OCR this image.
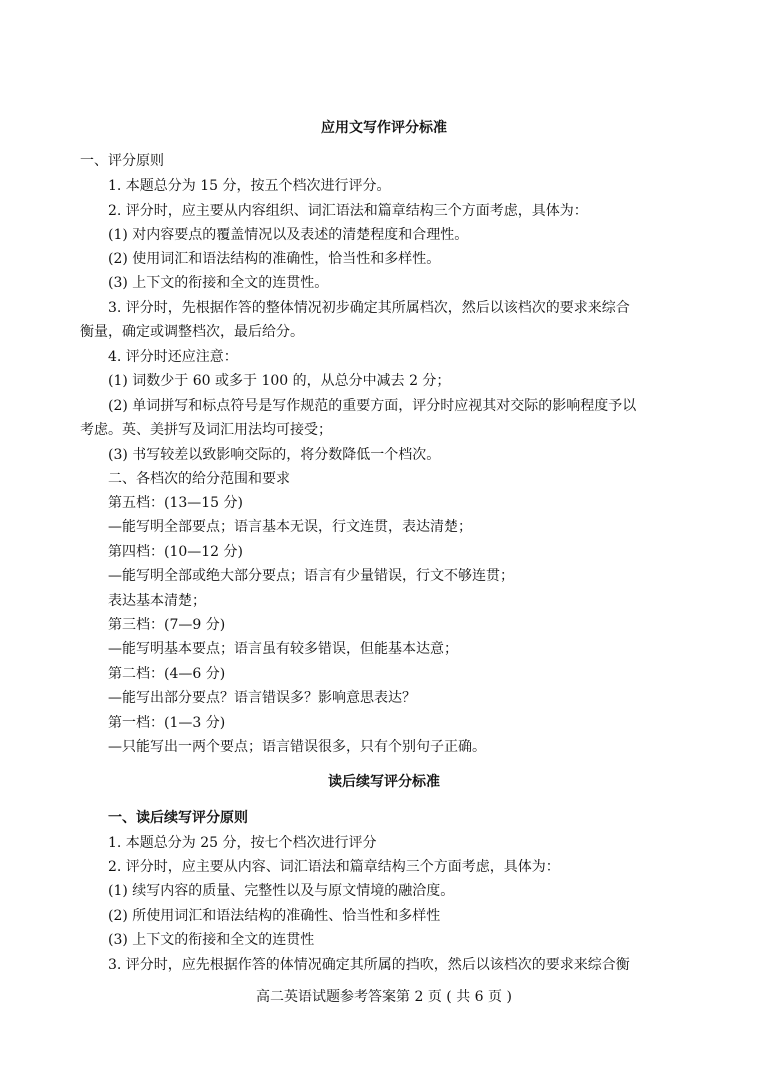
应用文写作评分标准
一、评分原则
1. 本题总分为 15 分，按五个档次进行评分。
2. 评分时，应主要从内容组织、词汇语法和篇章结构三个方面考虑，具体为：
(1) 对内容要点的覆盖情况以及表述的清楚程度和合理性。
(2) 使用词汇和语法结构的准确性，恰当性和多样性。
(3) 上下文的衔接和全文的连贯性。
3. 评分时，先根据作答的整体情况初步确定其所属档次，然后以该档次的要求来综合
衡量，确定或调整档次，最后给分。
4. 评分时还应注意：
(1) 词数少于 60 或多于 100 的，从总分中减去 2 分；
(2) 单词拼写和标点符号是写作规范的重要方面，评分时应视其对交际的影响程度予以
考虑。英、美拼写及词汇用法均可接受；
(3) 书写较差以致影响交际的，将分数降低一个档次。
二、各档次的给分范围和要求
第五档：(13—15 分)
—能写明全部要点；语言基本无误，行文连贯，表达清楚；
第四档：(10—12 分)
—能写明全部或绝大部分要点；语言有少量错误，行文不够连贯；
表达基本清楚；
第三档：(7—9 分)
—能写明基本要点；语言虽有较多错误，但能基本达意；
第二档：(4—6 分)
—能写出部分要点？语言错误多？影响意思表达？
第一档：(1—3 分)
—只能写出一两个要点；语言错误很多，只有个别句子正确。
读后续写评分标准
一、读后续写评分原则
1. 本题总分为 25 分，按七个档次进行评分
2. 评分时，应主要从内容、词汇语法和篇章结构三个方面考虑，具体为：
(1) 续写内容的质量、完整性以及与原文情境的融洽度。
(2) 所使用词汇和语法结构的准确性、恰当性和多样性
(3) 上下文的衔接和全文的连贯性
3. 评分时，应先根据作答的体情况确定其所属的挡吹，然后以该档次的要求来综合衡
高二英语试题参考答案第 2 页 ( 共 6 页 )
